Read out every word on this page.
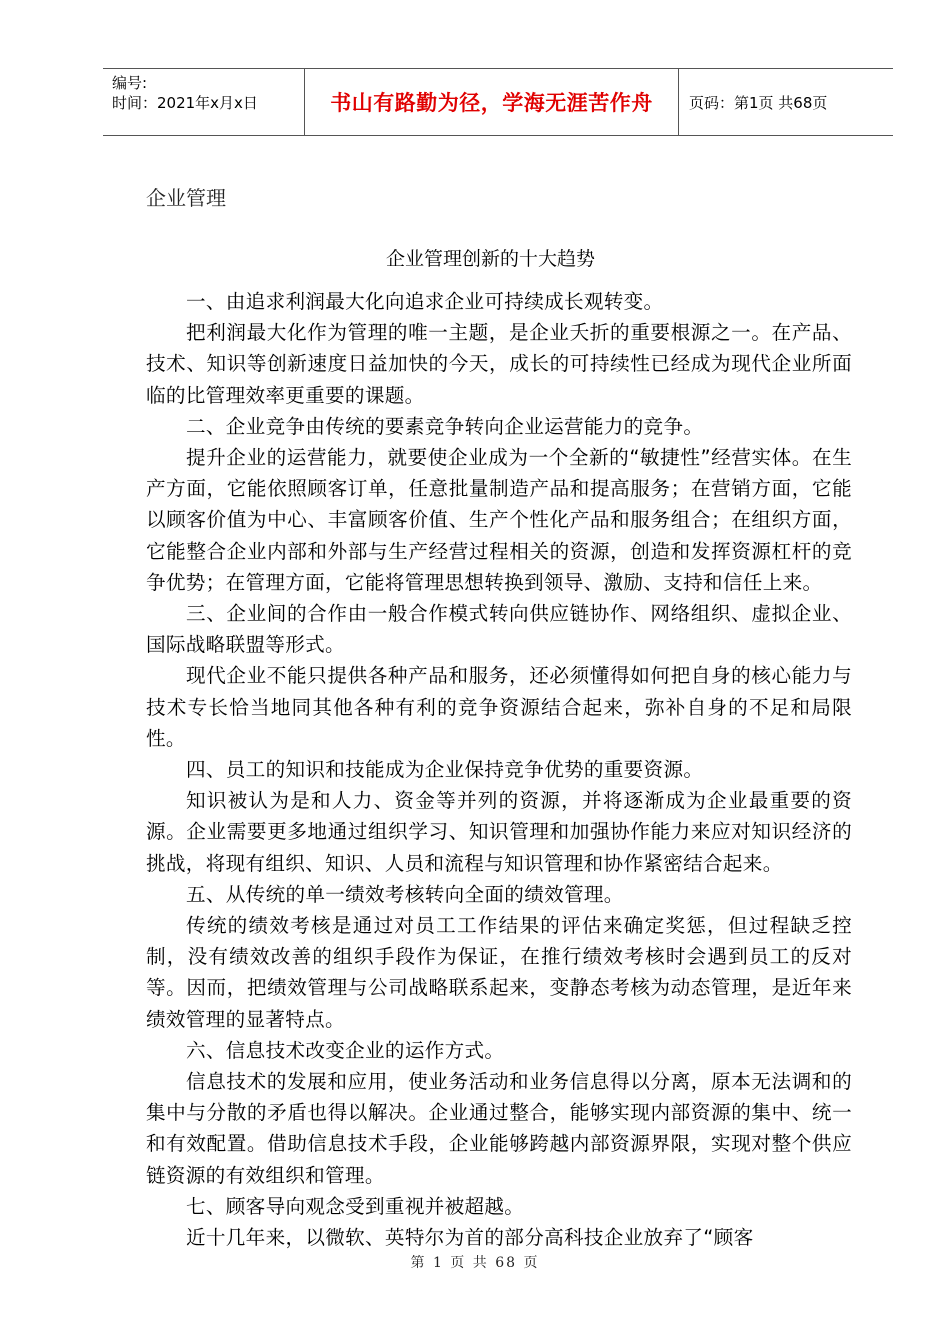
编号:
时间：2021年x月x日	书山有路勤为径，学海无涯苦作舟	页码：第1页 共68页
企业管理
企业管理创新的十大趋势

一、由追求利润最大化向追求企业可持续成长观转变。

把利润最大化作为管理的唯一主题，是企业夭折的重要根源之一。在产品、技术、知识等创新速度日益加快的今天，成长的可持续性已经成为现代企业所面临的比管理效率更重要的课题。

二、企业竞争由传统的要素竞争转向企业运营能力的竞争。

提升企业的运营能力，就要使企业成为一个全新的“敏捷性”经营实体。在生产方面，它能依照顾客订单，任意批量制造产品和提高服务；在营销方面，它能以顾客价值为中心、丰富顾客价值、生产个性化产品和服务组合；在组织方面，它能整合企业内部和外部与生产经营过程相关的资源，创造和发挥资源杠杆的竞争优势；在管理方面，它能将管理思想转换到领导、激励、支持和信任上来。

三、企业间的合作由一般合作模式转向供应链协作、网络组织、虚拟企业、国际战略联盟等形式。

现代企业不能只提供各种产品和服务，还必须懂得如何把自身的核心能力与技术专长恰当地同其他各种有利的竞争资源结合起来，弥补自身的不足和局限性。

四、员工的知识和技能成为企业保持竞争优势的重要资源。

知识被认为是和人力、资金等并列的资源，并将逐渐成为企业最重要的资源。企业需要更多地通过组织学习、知识管理和加强协作能力来应对知识经济的挑战，将现有组织、知识、人员和流程与知识管理和协作紧密结合起来。

五、从传统的单一绩效考核转向全面的绩效管理。

传统的绩效考核是通过对员工工作结果的评估来确定奖惩，但过程缺乏控制，没有绩效改善的组织手段作为保证，在推行绩效考核时会遇到员工的反对等。因而，把绩效管理与公司战略联系起来，变静态考核为动态管理，是近年来绩效管理的显著特点。

六、信息技术改变企业的运作方式。

信息技术的发展和应用，使业务活动和业务信息得以分离，原本无法调和的集中与分散的矛盾也得以解决。企业通过整合，能够实现内部资源的集中、统一和有效配置。借助信息技术手段，企业能够跨越内部资源界限，实现对整个供应链资源的有效组织和管理。

七、顾客导向观念受到重视并被超越。

近十几年来，以微软、英特尔为首的部分高科技企业放弃了“顾客

第 1 页 共 68 页
